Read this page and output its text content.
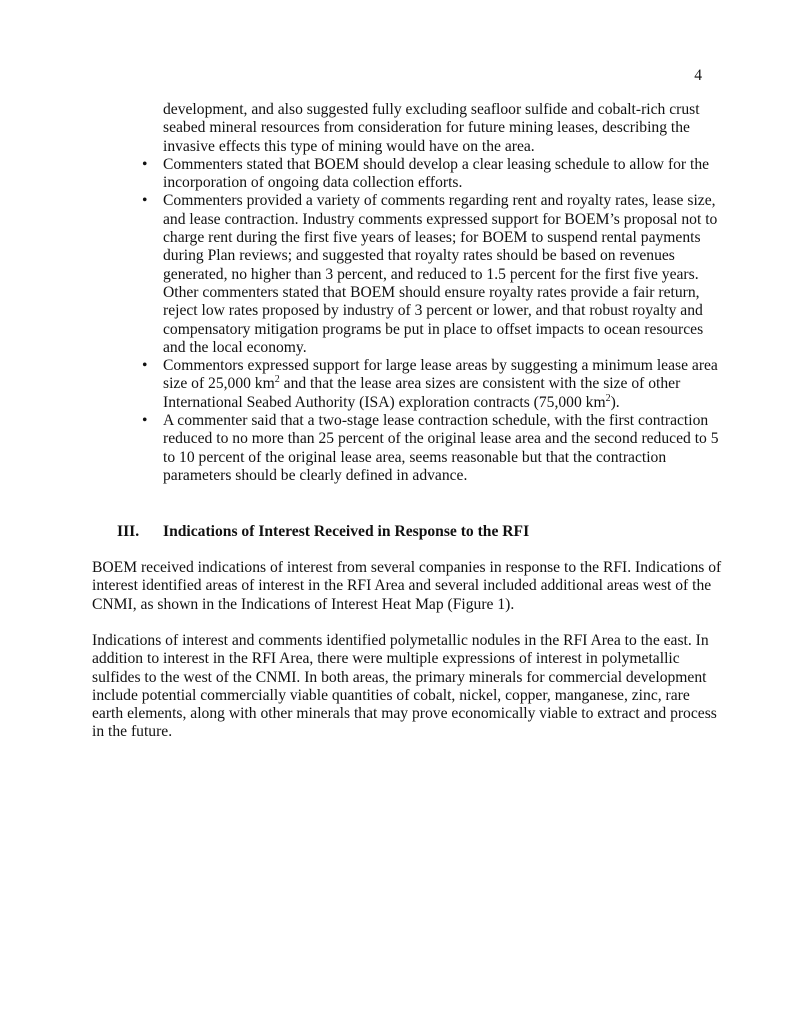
4
development, and also suggested fully excluding seafloor sulfide and cobalt-rich crust seabed mineral resources from consideration for future mining leases, describing the invasive effects this type of mining would have on the area.
• Commenters stated that BOEM should develop a clear leasing schedule to allow for the incorporation of ongoing data collection efforts.
• Commenters provided a variety of comments regarding rent and royalty rates, lease size, and lease contraction. Industry comments expressed support for BOEM’s proposal not to charge rent during the first five years of leases; for BOEM to suspend rental payments during Plan reviews; and suggested that royalty rates should be based on revenues generated, no higher than 3 percent, and reduced to 1.5 percent for the first five years. Other commenters stated that BOEM should ensure royalty rates provide a fair return, reject low rates proposed by industry of 3 percent or lower, and that robust royalty and compensatory mitigation programs be put in place to offset impacts to ocean resources and the local economy.
• Commentors expressed support for large lease areas by suggesting a minimum lease area size of 25,000 $km^2$ and that the lease area sizes are consistent with the size of other International Seabed Authority (ISA) exploration contracts (75,000 $km^2$).
• A commenter said that a two-stage lease contraction schedule, with the first contraction reduced to no more than 25 percent of the original lease area and the second reduced to 5 to 10 percent of the original lease area, seems reasonable but that the contraction parameters should be clearly defined in advance.
III. Indications of Interest Received in Response to the RFI

BOEM received indications of interest from several companies in response to the RFI. Indications of interest identified areas of interest in the RFI Area and several included additional areas west of the CNMI, as shown in the Indications of Interest Heat Map (Figure 1).

Indications of interest and comments identified polymetallic nodules in the RFI Area to the east. In addition to interest in the RFI Area, there were multiple expressions of interest in polymetallic sulfides to the west of the CNMI. In both areas, the primary minerals for commercial development include potential commercially viable quantities of cobalt, nickel, copper, manganese, zinc, rare earth elements, along with other minerals that may prove economically viable to extract and process in the future.
